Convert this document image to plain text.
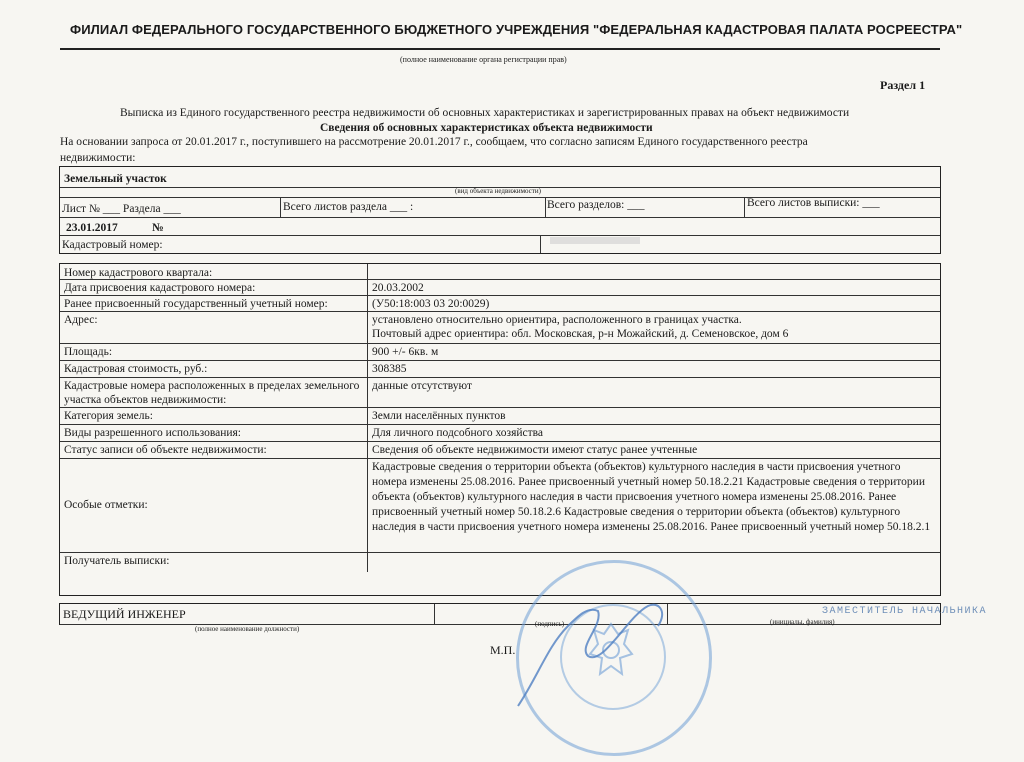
ФИЛИАЛ ФЕДЕРАЛЬНОГО ГОСУДАРСТВЕННОГО БЮДЖЕТНОГО УЧРЕЖДЕНИЯ "ФЕДЕРАЛЬНАЯ КАДАСТРОВАЯ ПАЛАТА РОСРЕЕСТРА"
(полное наименование органа регистрации прав)
Раздел 1
Выписка из Единого государственного реестра недвижимости об основных характеристиках и зарегистрированных правах на объект недвижимости
Сведения об основных характеристиках объекта недвижимости
На основании запроса от 20.01.2017 г., поступившего на рассмотрение 20.01.2017 г., сообщаем, что согласно записям Единого государственного реестра
недвижимости:
Земельный участок
(вид объекта недвижимости)
Лист № ___ Раздела ___	Всего листов раздела ___ :	Всего разделов: ___	Всего листов выписки: ___
23.01.2017	№
Кадастровый номер:
Номер кадастрового квартала:
Дата присвоения кадастрового номера:	20.03.2002
Ранее присвоенный государственный учетный номер:	(У50:18:003 03 20:0029)
Адрес:	установлено относительно ориентира, расположенного в границах участка.
Почтовый адрес ориентира: обл. Московская, р-н Можайский, д. Семеновское, дом 6
Площадь:	900 +/- 6кв. м
Кадастровая стоимость, руб.:	308385
Кадастровые номера расположенных в пределах земельного участка объектов недвижимости:
данные отсутствуют
Категория земель:	Земли населённых пунктов
Виды разрешенного использования:	Для личного подсобного хозяйства
Статус записи об объекте недвижимости:	Сведения об объекте недвижимости имеют статус ранее учтенные
Особые отметки:
Кадастровые сведения о территории объекта (объектов) культурного наследия в части присвоения учетного номера изменены 25.08.2016. Ранее присвоенный учетный номер 50.18.2.21 Кадастровые сведения о территории объекта (объектов) культурного наследия в части присвоения учетного номера изменены 25.08.2016. Ранее присвоенный учетный номер 50.18.2.6 Кадастровые сведения о территории объекта (объектов) культурного наследия в части присвоения учетного номера изменены 25.08.2016. Ранее присвоенный учетный номер 50.18.2.1
Получатель выписки:
ВЕДУЩИЙ ИНЖЕНЕР
(полное наименование должности)
(подпись)	(инициалы, фамилия)
ЗАМЕСТИТЕЛЬ НАЧАЛЬНИКА
М.П.
